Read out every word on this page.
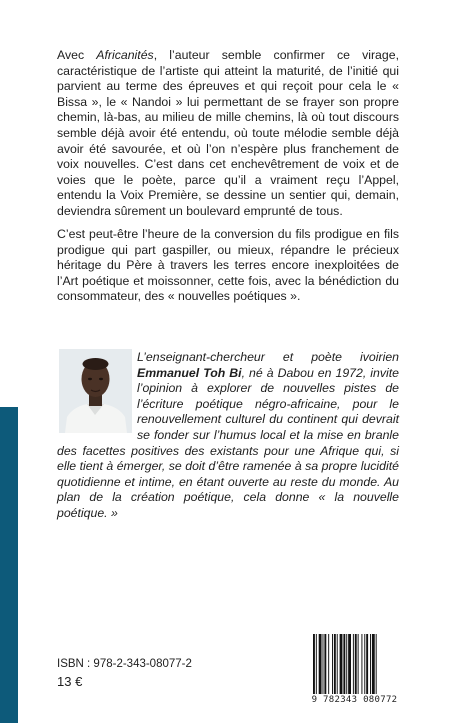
Avec Africanités, l’auteur semble confirmer ce virage, caractéristique de l’artiste qui atteint la maturité, de l’initié qui parvient au terme des épreuves et qui reçoit pour cela le « Bissa », le « Nandoi » lui permettant de se frayer son propre chemin, là-bas, au milieu de mille chemins, là où tout discours semble déjà avoir été entendu, où toute mélodie semble déjà avoir été savourée, et où l’on n’espère plus franchement de voix nouvelles. C’est dans cet enchevêtrement de voix et de voies que le poète, parce qu’il a vraiment reçu l’Appel, entendu la Voix Première, se dessine un sentier qui, demain, deviendra sûrement un boulevard emprunté de tous.

C’est peut-être l’heure de la conversion du fils prodigue en fils prodigue qui part gaspiller, ou mieux, répandre le précieux héritage du Père à travers les terres encore inexploitées de l’Art poétique et moissonner, cette fois, avec la bénédiction du consommateur, des « nouvelles poétiques ».

L’enseignant-chercheur et poète ivoirien Emmanuel Toh Bi, né à Dabou en 1972, invite l’opinion à explorer de nouvelles pistes de l’écriture poétique négro-africaine, pour le renouvellement culturel du continent qui devrait se fonder sur l’humus local et la mise en branle des facettes positives des existants pour une Afrique qui, si elle tient à émerger, se doit d’être ramenée à sa propre lucidité quotidienne et intime, en étant ouverte au reste du monde. Au plan de la création poétique, cela donne « la nouvelle poétique. »

ISBN : 978-2-343-08077-2

13 €

9 782343 080772
